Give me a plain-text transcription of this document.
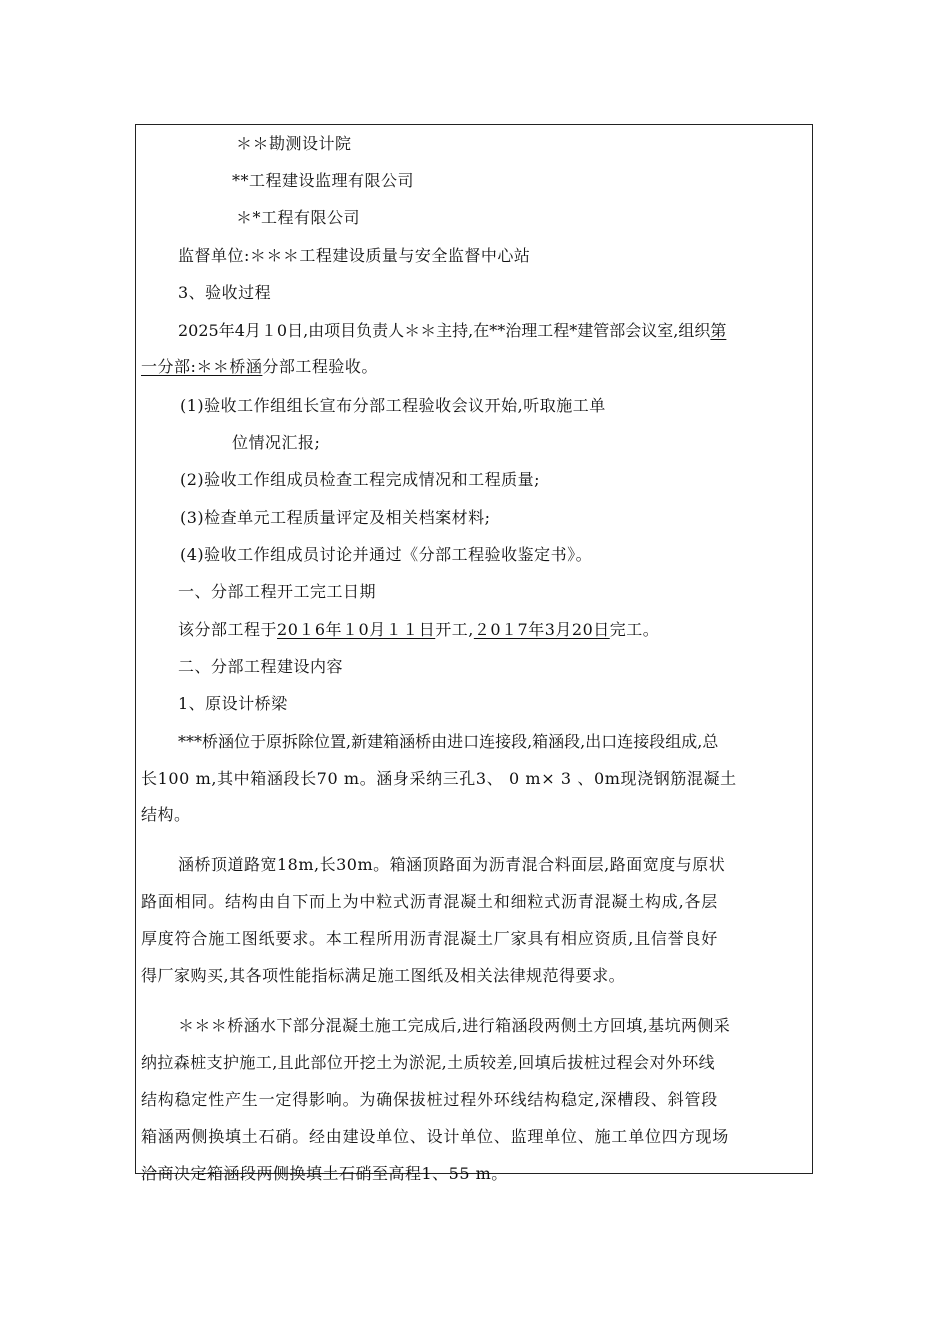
＊＊勘测设计院
**工程建设监理有限公司
＊*工程有限公司
监督单位:＊＊＊工程建设质量与安全监督中心站
3、验收过程
2025年4月１0日,由项目负责人＊＊主持,在**治理工程*建管部会议室,组织第
一分部:＊＊桥涵分部工程验收。
(1)验收工作组组长宣布分部工程验收会议开始,听取施工单
位情况汇报;
(2)验收工作组成员检查工程完成情况和工程质量;
(3)检查单元工程质量评定及相关档案材料;
(4)验收工作组成员讨论并通过《分部工程验收鉴定书》。
一、分部工程开工完工日期
该分部工程于20１6年１0月１１日开工,２0１7年3月20日完工。
二、分部工程建设内容
1、原设计桥梁
***桥涵位于原拆除位置,新建箱涵桥由进口连接段,箱涵段,出口连接段组成,总
长100 m,其中箱涵段长70 m。涵身采纳三孔3、 0 m× 3 、0m现浇钢筋混凝土
结构。
涵桥顶道路宽18m,长30m。箱涵顶路面为沥青混合料面层,路面宽度与原状
路面相同。结构由自下而上为中粒式沥青混凝土和细粒式沥青混凝土构成,各层
厚度符合施工图纸要求。本工程所用沥青混凝土厂家具有相应资质,且信誉良好
得厂家购买,其各项性能指标满足施工图纸及相关法律规范得要求。
＊＊＊桥涵水下部分混凝土施工完成后,进行箱涵段两侧土方回填,基坑两侧采
纳拉森桩支护施工,且此部位开挖土为淤泥,土质较差,回填后拔桩过程会对外环线
结构稳定性产生一定得影响。为确保拔桩过程外环线结构稳定,深槽段、斜管段
箱涵两侧换填土石硝。经由建设单位、设计单位、监理单位、施工单位四方现场
洽商决定箱涵段两侧换填土石硝至高程1、55 m。
